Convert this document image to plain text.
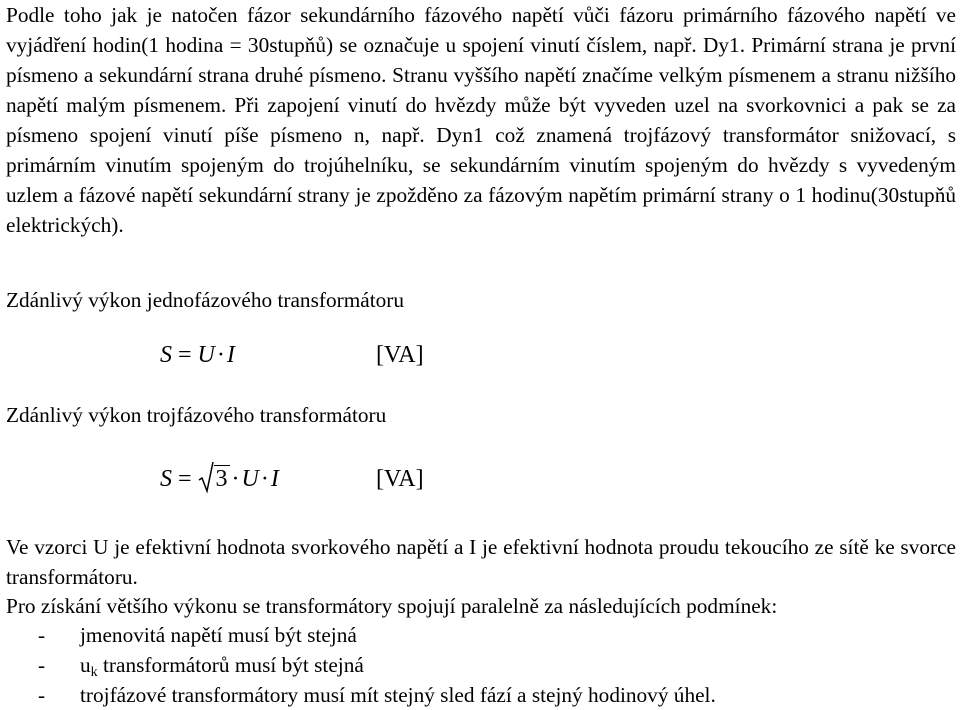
Podle toho jak je natočen fázor sekundárního fázového napětí vůči fázoru primárního fázového napětí ve vyjádření hodin(1 hodina = 30stupňů) se označuje u spojení vinutí číslem, např. Dy1. Primární strana je první písmeno a sekundární strana druhé písmeno. Stranu vyššího napětí značíme velkým písmenem a stranu nižšího napětí malým písmenem. Při zapojení vinutí do hvězdy může být vyveden uzel na svorkovnici a pak se za písmeno spojení vinutí píše písmeno n, např. Dyn1 což znamená trojfázový transformátor snižovací, s primárním vinutím spojeným do trojúhelníku, se sekundárním vinutím spojeným do hvězdy s vyvedeným uzlem a fázové napětí sekundární strany je zpožděno za fázovým napětím primární strany o 1 hodinu(30stupňů elektrických).

Zdánlivý výkon jednofázového transformátoru

S = U·I	[VA]

Zdánlivý výkon trojfázového transformátoru

S = 3 ·U·I	[VA]

Ve vzorci U je efektivní hodnota svorkového napětí a I je efektivní hodnota proudu tekoucího ze sítě ke svorce transformátoru.

Pro získání většího výkonu se transformátory spojují paralelně za následujících podmínek:

- jmenovitá napětí musí být stejná
- $u_k$ transformátorů musí být stejná
- trojfázové transformátory musí mít stejný sled fází a stejný hodinový úhel.
